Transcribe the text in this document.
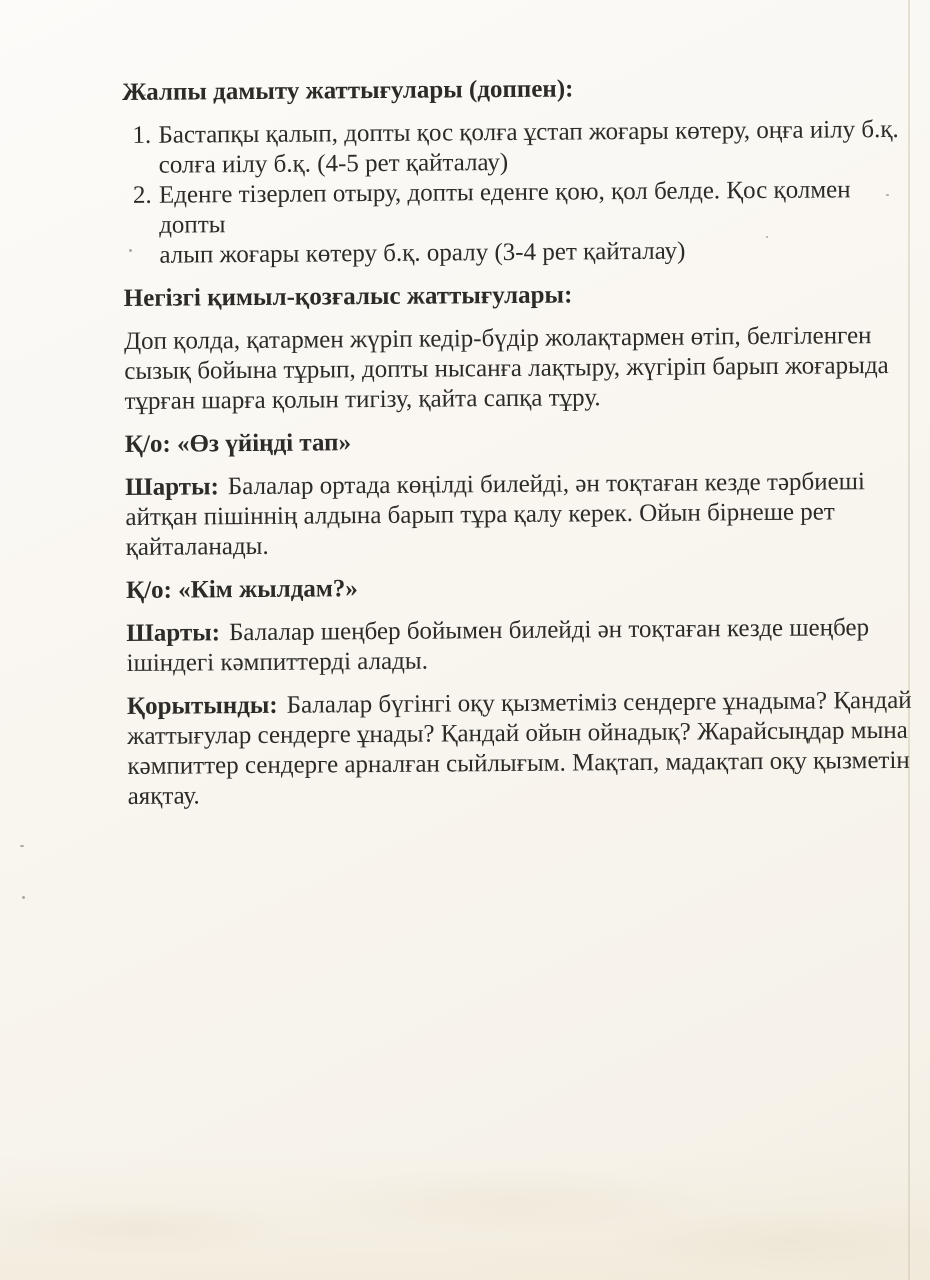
Жалпы дамыту жаттығулары (доппен):

1. Бастапқы қалып, допты қос қолға ұстап жоғары көтеру, оңға иілу б.қ.
солға иілу б.қ. (4-5 рет қайталау)
2. Еденге тізерлеп отыру, допты еденге қою, қол белде. Қос қолмен допты
алып жоғары көтеру б.қ. оралу (3-4 рет қайталау)

Негізгі қимыл-қозғалыс жаттығулары:

Доп қолда, қатармен жүріп кедір-бүдір жолақтармен өтіп, белгіленген
сызық бойына тұрып, допты нысанға лақтыру, жүгіріп барып жоғарыда
тұрған шарға қолын тигізу, қайта сапқа тұру.

Қ/о: «Өз үйіңді тап»

Шарты: Балалар ортада көңілді билейді, ән тоқтаған кезде тәрбиеші
айтқан пішіннің алдына барып тұра қалу керек. Ойын бірнеше рет
қайталанады.

Қ/о: «Кім жылдам?»

Шарты: Балалар шеңбер бойымен билейді ән тоқтаған кезде шеңбер
ішіндегі кәмпиттерді алады.

Қорытынды: Балалар бүгінгі оқу қызметіміз сендерге ұнадыма? Қандай
жаттығулар сендерге ұнады? Қандай ойын ойнадық? Жарайсыңдар мына
кәмпиттер сендерге арналған сыйлығым. Мақтап, мадақтап оқу қызметін
аяқтау.
